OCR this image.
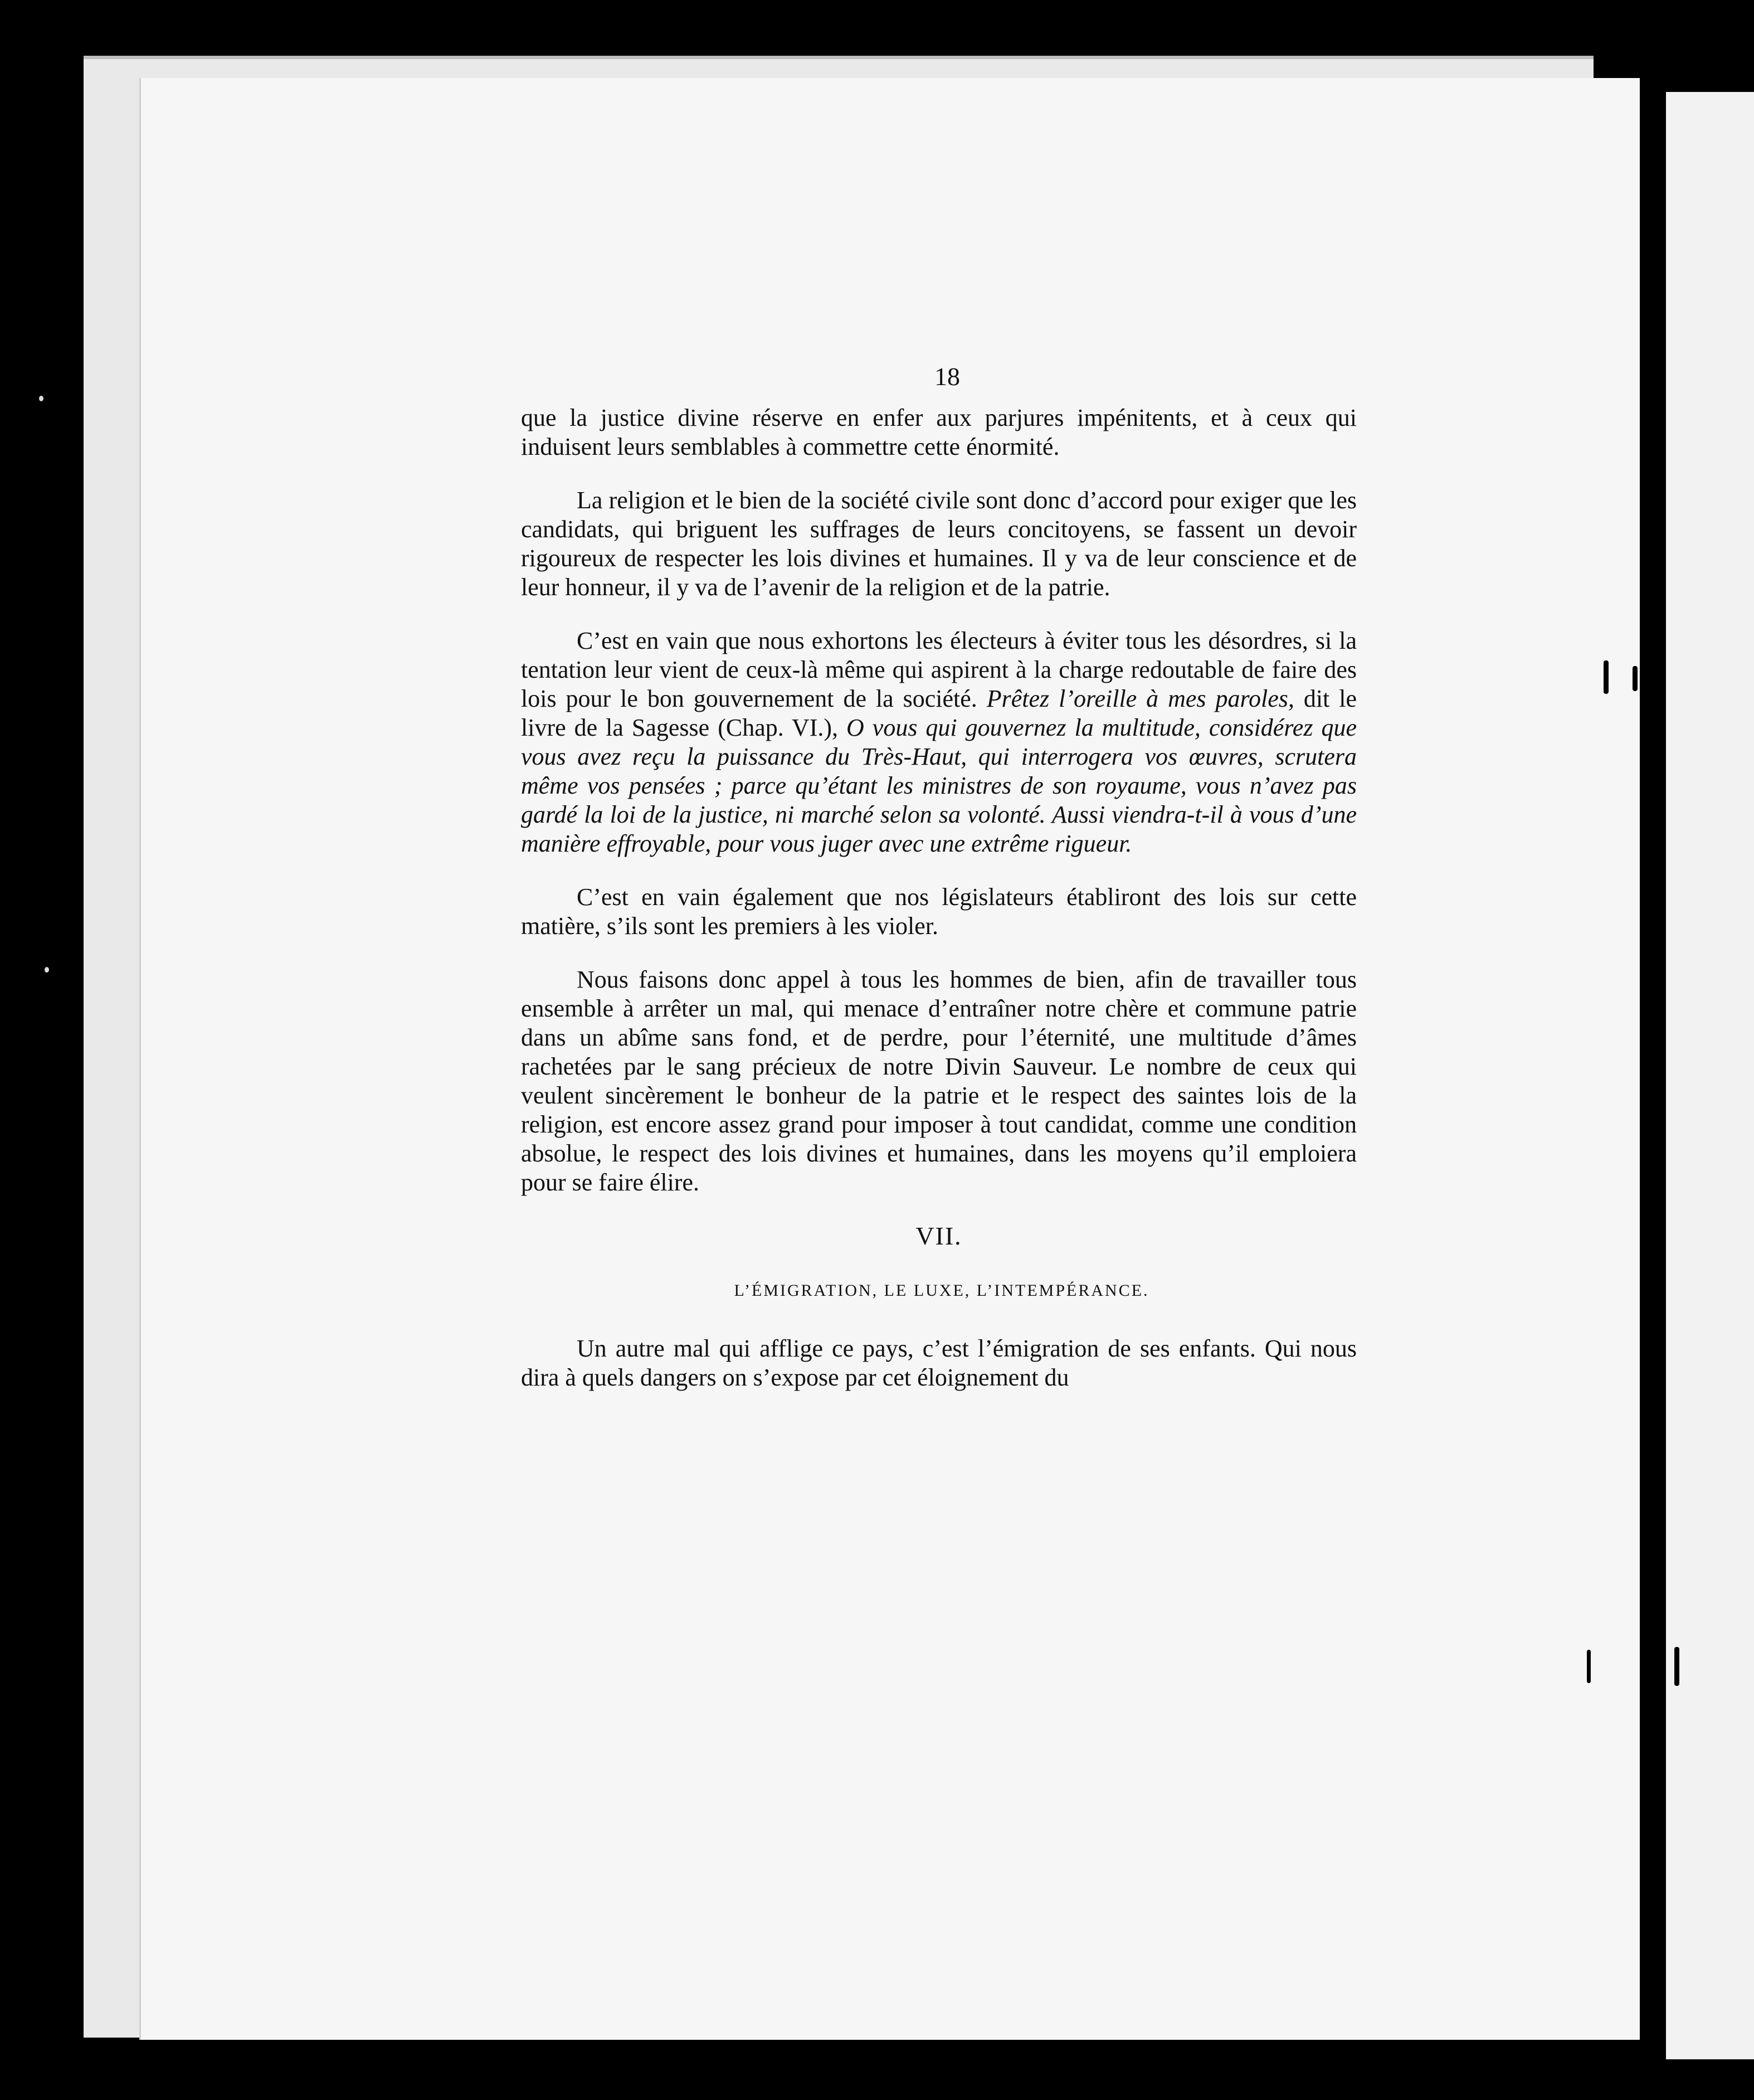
18

que la justice divine réserve en enfer aux parjures impénitents, et à ceux qui induisent leurs semblables à commettre cette énormité.

La religion et le bien de la société civile sont donc d’accord pour exiger que les candidats, qui briguent les suffrages de leurs concitoyens, se fassent un devoir rigoureux de respecter les lois divines et humaines. Il y va de leur conscience et de leur honneur, il y va de l’avenir de la religion et de la patrie.

C’est en vain que nous exhortons les électeurs à éviter tous les désordres, si la tentation leur vient de ceux-là même qui aspirent à la charge redoutable de faire des lois pour le bon gouvernement de la société. Prêtez l’oreille à mes paroles, dit le livre de la Sagesse (Chap. VI.), O vous qui gouvernez la multitude, considérez que vous avez reçu la puissance du Très-Haut, qui interrogera vos œuvres, scrutera même vos pensées ; parce qu’étant les ministres de son royaume, vous n’avez pas gardé la loi de la justice, ni marché selon sa volonté. Aussi viendra-t-il à vous d’une manière effroyable, pour vous juger avec une extrême rigueur.

C’est en vain également que nos législateurs établiront des lois sur cette matière, s’ils sont les premiers à les violer.

Nous faisons donc appel à tous les hommes de bien, afin de travailler tous ensemble à arrêter un mal, qui menace d’entraîner notre chère et commune patrie dans un abîme sans fond, et de perdre, pour l’éternité, une multitude d’âmes rachetées par le sang précieux de notre Divin Sauveur. Le nombre de ceux qui veulent sincèrement le bonheur de la patrie et le respect des saintes lois de la religion, est encore assez grand pour imposer à tout candidat, comme une condition absolue, le respect des lois divines et humaines, dans les moyens qu’il emploiera pour se faire élire.

VII.
L’ÉMIGRATION, LE LUXE, L’INTEMPÉRANCE.

Un autre mal qui afflige ce pays, c’est l’émigration de ses enfants. Qui nous dira à quels dangers on s’expose par cet éloignement du
